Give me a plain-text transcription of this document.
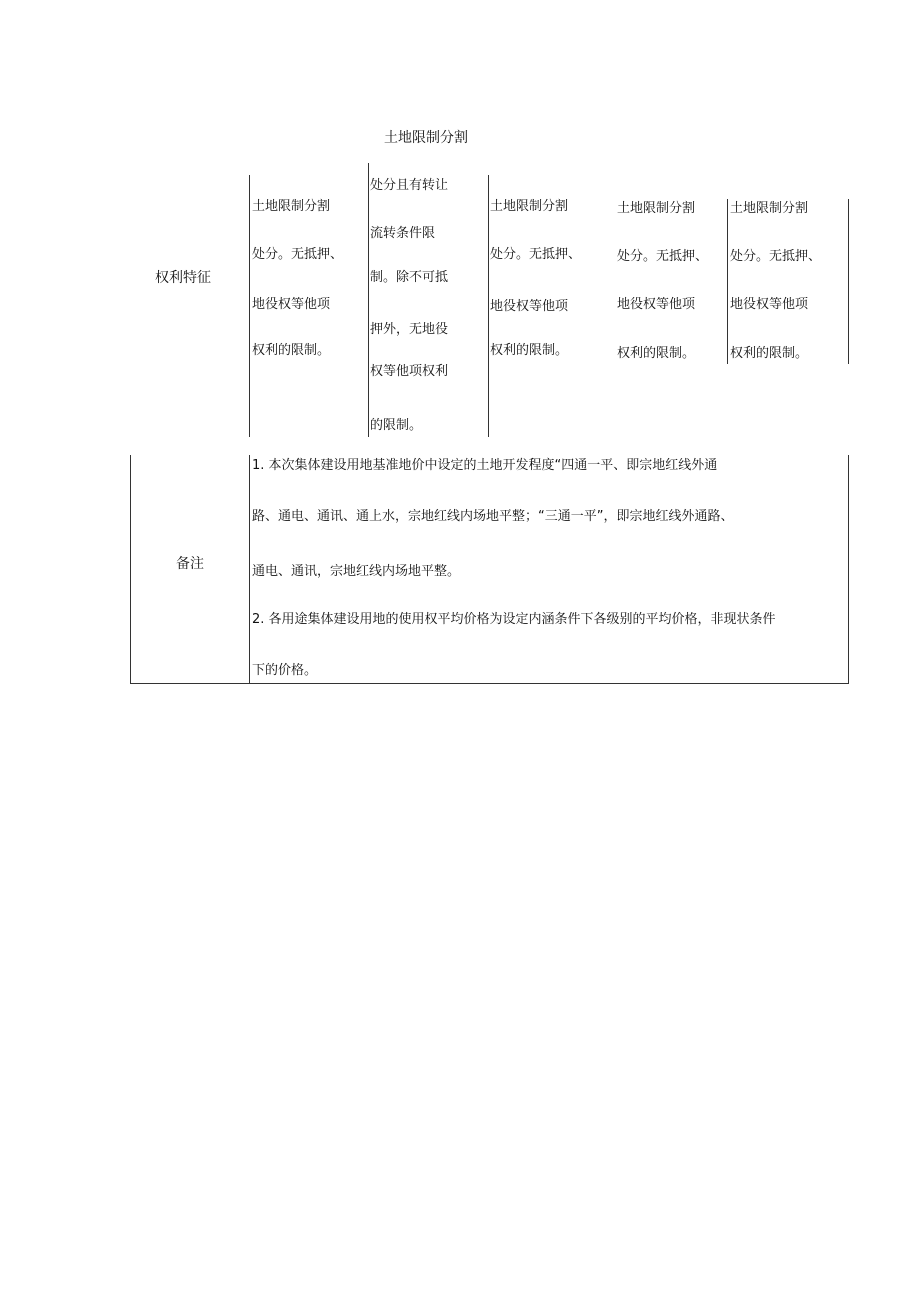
土地限制分割
权利特征
土地限制分割
处分。无抵押、
地役权等他项
权利的限制。
处分且有转让
流转条件限
制。除不可抵
押外，无地役
权等他项权利
的限制。
土地限制分割
处分。无抵押、
地役权等他项
权利的限制。
土地限制分割
处分。无抵押、
地役权等他项
权利的限制。
土地限制分割
处分。无抵押、
地役权等他项
权利的限制。
备注
1. 本次集体建设用地基准地价中设定的土地开发程度“四通一平、即宗地红线外通
路、通电、通讯、通上水，宗地红线内场地平整；“三通一平”，即宗地红线外通路、
通电、通讯，宗地红线内场地平整。
2. 各用途集体建设用地的使用权平均价格为设定内涵条件下各级别的平均价格，非现状条件
下的价格。
